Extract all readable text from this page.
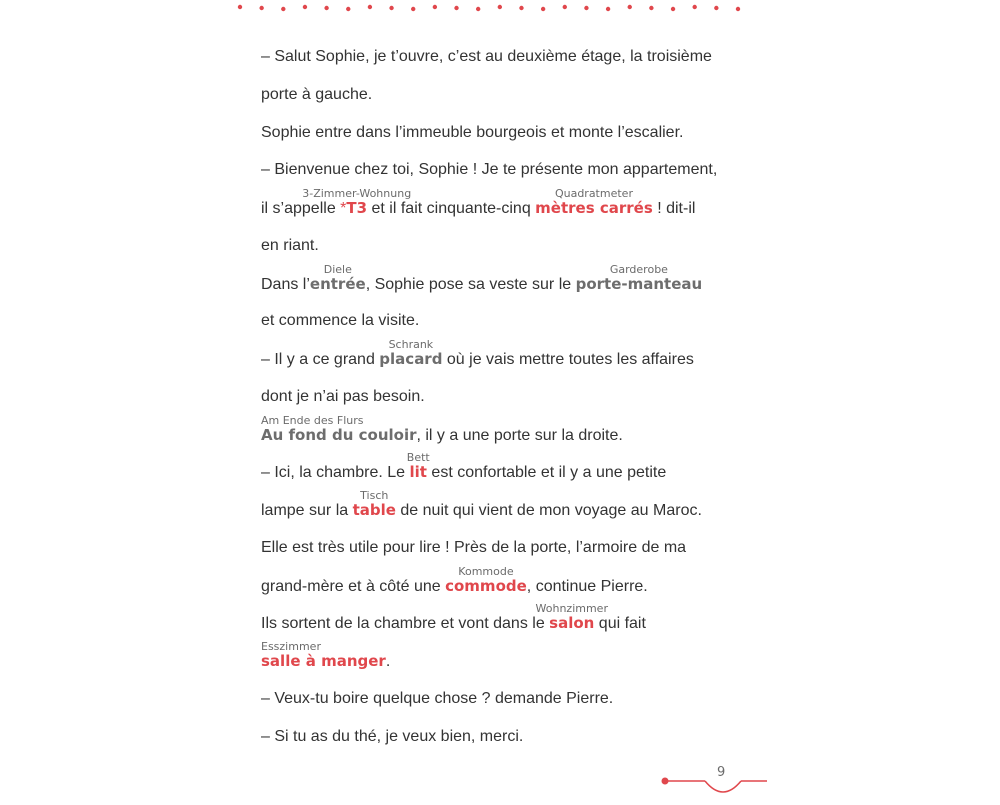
– Salut Sophie, je t’ouvre, c’est au deuxième étage, la troisième
porte à gauche.
Sophie entre dans l’immeuble bourgeois et monte l’escalier.
– Bienvenue chez toi, Sophie ! Je te présente mon appartement,
il s’appelle *T3
3-Zimmer-Wohnung
et il fait cinquante-cinq mètres carrés
Quadratmeter
! dit-il
en riant.
Dans l’entrée
Diele
, Sophie pose sa veste sur le porte-manteau
Garderobe
et commence la visite.
– Il y a ce grand placard
Schrank
où je vais mettre toutes les affaires
dont je n’ai pas besoin.
Au fond du couloir
Am Ende des Flurs
, il y a une porte sur la droite.
– Ici, la chambre. Le lit
Bett
est confortable et il y a une petite
lampe sur la table
Tisch
de nuit qui vient de mon voyage au Maroc.
Elle est très utile pour lire ! Près de la porte, l’armoire de ma
grand-mère et à côté une commode
Kommode
, continue Pierre.
Ils sortent de la chambre et vont dans le salon
Wohnzimmer
qui fait
salle à manger
Esszimmer
.
– Veux-tu boire quelque chose ? demande Pierre.
– Si tu as du thé, je veux bien, merci.
9
